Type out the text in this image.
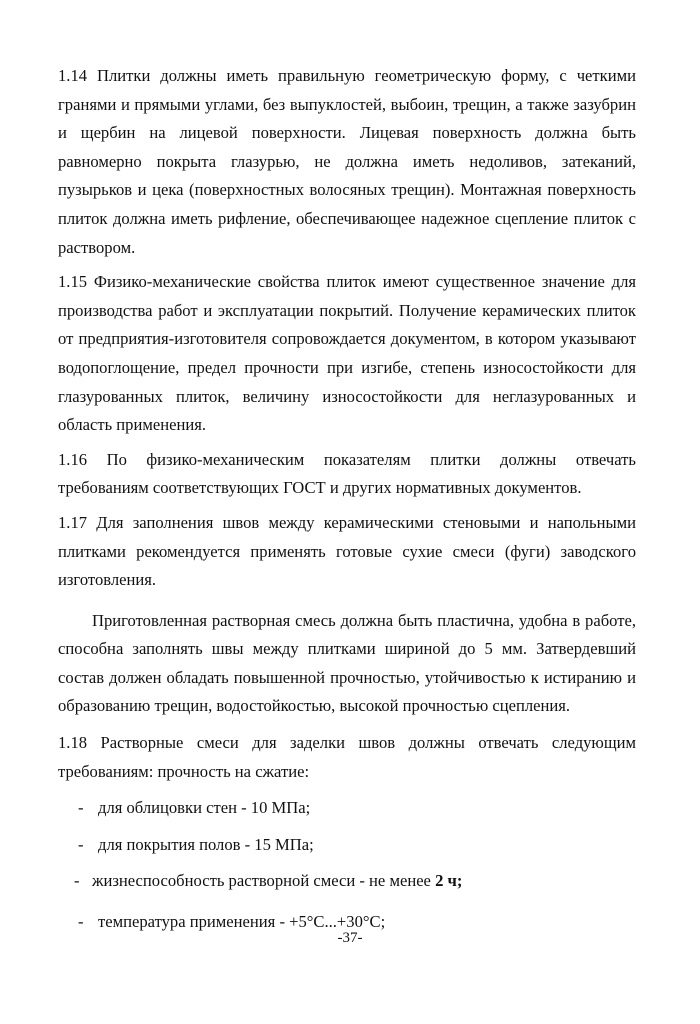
1.14 Плитки должны иметь правильную геометрическую форму, с четкими гранями и прямыми углами, без выпуклостей, выбоин, трещин, а также зазубрин и щербин на лицевой поверхности. Лицевая поверхность должна быть равномерно покрыта глазурью, не должна иметь недоливов, затеканий, пузырьков и цека (поверхностных волосяных трещин). Монтажная поверхность плиток должна иметь рифление, обеспечивающее надежное сцепление плиток с раствором.

1.15 Физико-механические свойства плиток имеют существенное значение для производства работ и эксплуатации покрытий. Получение керамических плиток от предприятия-изготовителя сопровождается документом, в котором указывают водопоглощение, предел прочности при изгибе, степень износостойкости для глазурованных плиток, величину износостойкости для неглазурованных и область применения.

1.16 По физико-механическим показателям плитки должны отвечать требованиям соответствующих ГОСТ и других нормативных документов.

1.17 Для заполнения швов между керамическими стеновыми и напольными плитками рекомендуется применять готовые сухие смеси (фуги) заводского изготовления.

Приготовленная растворная смесь должна быть пластична, удобна в работе, способна заполнять швы между плитками шириной до 5 мм. Затвердевший состав должен обладать повышенной прочностью, утойчивостью к истиранию и образованию трещин, водостойкостью, высокой прочностью сцепления.

1.18 Растворные смеси для заделки швов должны отвечать следующим требованиям: прочность на сжатие:

- для облицовки стен - 10 МПа;
- для покрытия полов - 15 МПа;
- жизнеспособность растворной смеси - не менее 2 ч;
- температура применения - +5°С...+30°С;
-37-
